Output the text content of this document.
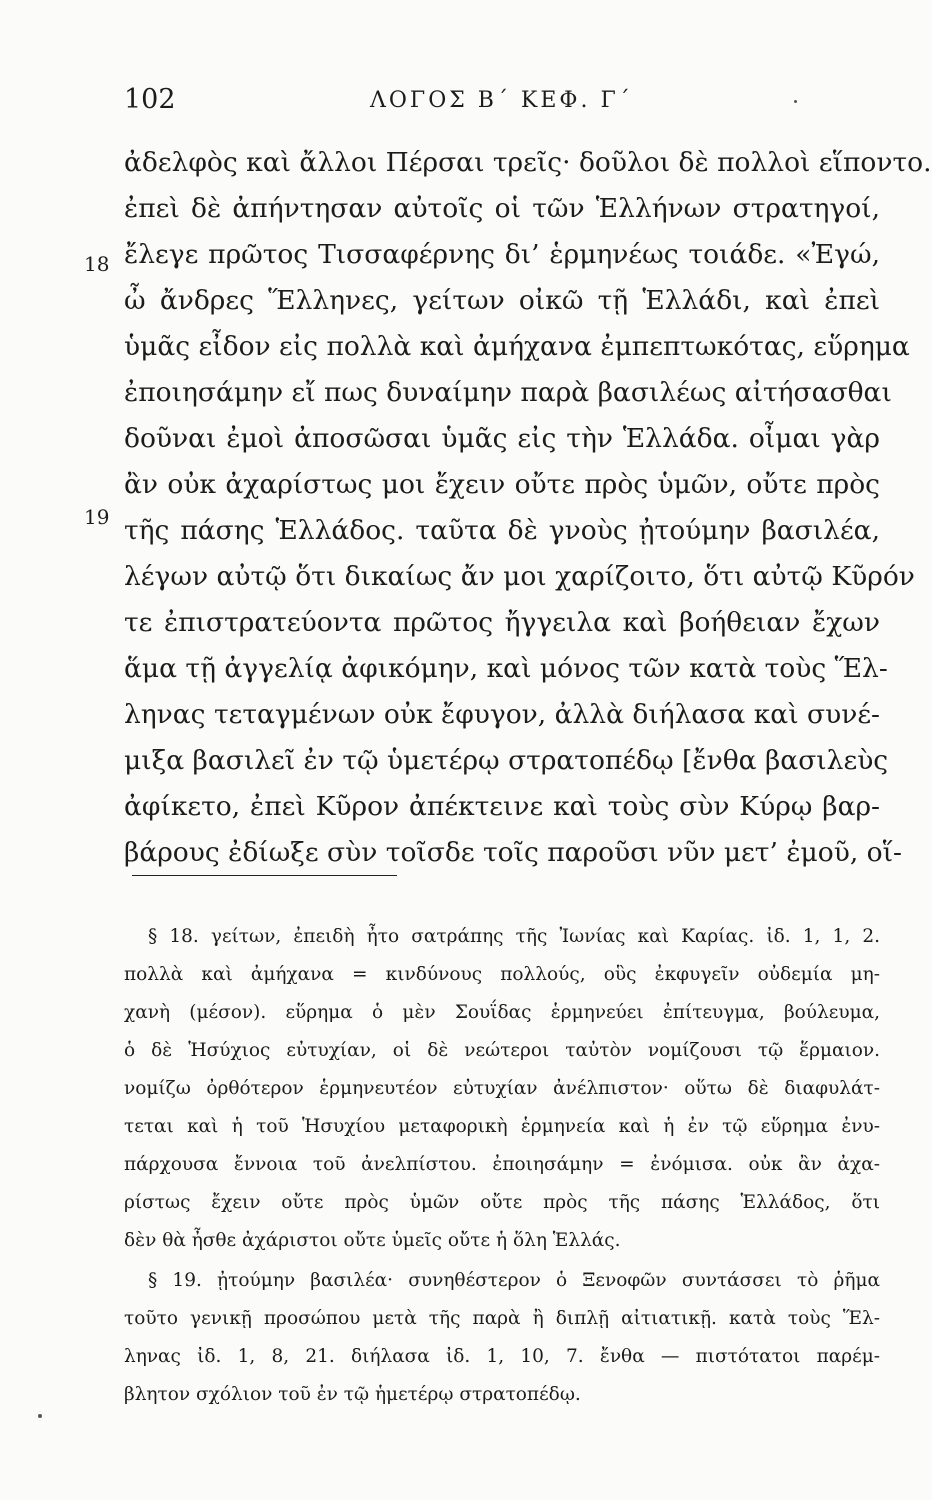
102	ΛΟΓΟΣ Β΄ ΚΕΦ. Γ΄
18
19
ἀδελφὸς καὶ ἄλλοι Πέρσαι τρεῖς· δοῦλοι δὲ πολλοὶ εἵποντο.
ἐπεὶ δὲ ἀπήντησαν αὐτοῖς οἱ τῶν Ἑλλήνων στρατηγοί,
ἔλεγε πρῶτος Τισσαφέρνης δι’ ἑρμηνέως τοιάδε. «Ἐγώ,
ὦ ἄνδρες Ἕλληνες, γείτων οἰκῶ τῇ Ἑλλάδι, καὶ ἐπεὶ
ὑμᾶς εἶδον εἰς πολλὰ καὶ ἀμήχανα ἐμπεπτωκότας, εὕρημα
ἐποιησάμην εἴ πως δυναίμην παρὰ βασιλέως αἰτήσασθαι
δοῦναι ἐμοὶ ἀποσῶσαι ὑμᾶς εἰς τὴν Ἑλλάδα. οἶμαι γὰρ
ἂν οὐκ ἀχαρίστως μοι ἔχειν οὔτε πρὸς ὑμῶν, οὔτε πρὸς
τῆς πάσης Ἑλλάδος. ταῦτα δὲ γνοὺς ᾐτούμην βασιλέα,
λέγων αὐτῷ ὅτι δικαίως ἄν μοι χαρίζοιτο, ὅτι αὐτῷ Κῦρόν
τε ἐπιστρατεύοντα πρῶτος ἤγγειλα καὶ βοήθειαν ἔχων
ἅμα τῇ ἀγγελίᾳ ἀφικόμην, καὶ μόνος τῶν κατὰ τοὺς Ἕλ-
ληνας τεταγμένων οὐκ ἔφυγον, ἀλλὰ διήλασα καὶ συνέ-
μιξα βασιλεῖ ἐν τῷ ὑμετέρῳ στρατοπέδῳ [ἔνθα βασιλεὺς
ἀφίκετο, ἐπεὶ Κῦρον ἀπέκτεινε καὶ τοὺς σὺν Κύρῳ βαρ-
βάρους ἐδίωξε σὺν τοῖσδε τοῖς παροῦσι νῦν μετ’ ἐμοῦ, οἵ-
§ 18. γείτων, ἐπειδὴ ἦτο σατράπης τῆς Ἰωνίας καὶ Καρίας. ἰδ. 1, 1, 2.
πολλὰ καὶ ἀμήχανα = κινδύνους πολλούς, οὓς ἐκφυγεῖν οὐδεμία μη-
χανὴ (μέσον). εὕρημα ὁ μὲν Σουΐδας ἑρμηνεύει ἐπίτευγμα, βούλευμα,
ὁ δὲ Ἡσύχιος εὐτυχίαν, οἱ δὲ νεώτεροι ταὐτὸν νομίζουσι τῷ ἕρμαιον.
νομίζω ὀρθότερον ἑρμηνευτέον εὐτυχίαν ἀνέλπιστον· οὕτω δὲ διαφυλάτ-
τεται καὶ ἡ τοῦ Ἡσυχίου μεταφορικὴ ἑρμηνεία καὶ ἡ ἐν τῷ εὕρημα ἐνυ-
πάρχουσα ἔννοια τοῦ ἀνελπίστου. ἐποιησάμην = ἐνόμισα. οὐκ ἂν ἀχα-
ρίστως ἔχειν οὔτε πρὸς ὑμῶν οὔτε πρὸς τῆς πάσης Ἑλλάδος, ὅτι
δὲν θὰ ἦσθε ἀχάριστοι οὔτε ὑμεῖς οὔτε ἡ ὅλη Ἑλλάς.
§ 19. ᾐτούμην βασιλέα· συνηθέστερον ὁ Ξενοφῶν συντάσσει τὸ ῥῆμα
τοῦτο γενικῇ προσώπου μετὰ τῆς παρὰ ἢ διπλῇ αἰτιατικῇ. κατὰ τοὺς Ἕλ-
ληνας ἰδ. 1, 8, 21. διήλασα ἰδ. 1, 10, 7. ἔνθα — πιστότατοι παρέμ-
βλητον σχόλιον τοῦ ἐν τῷ ἡμετέρῳ στρατοπέδῳ.
